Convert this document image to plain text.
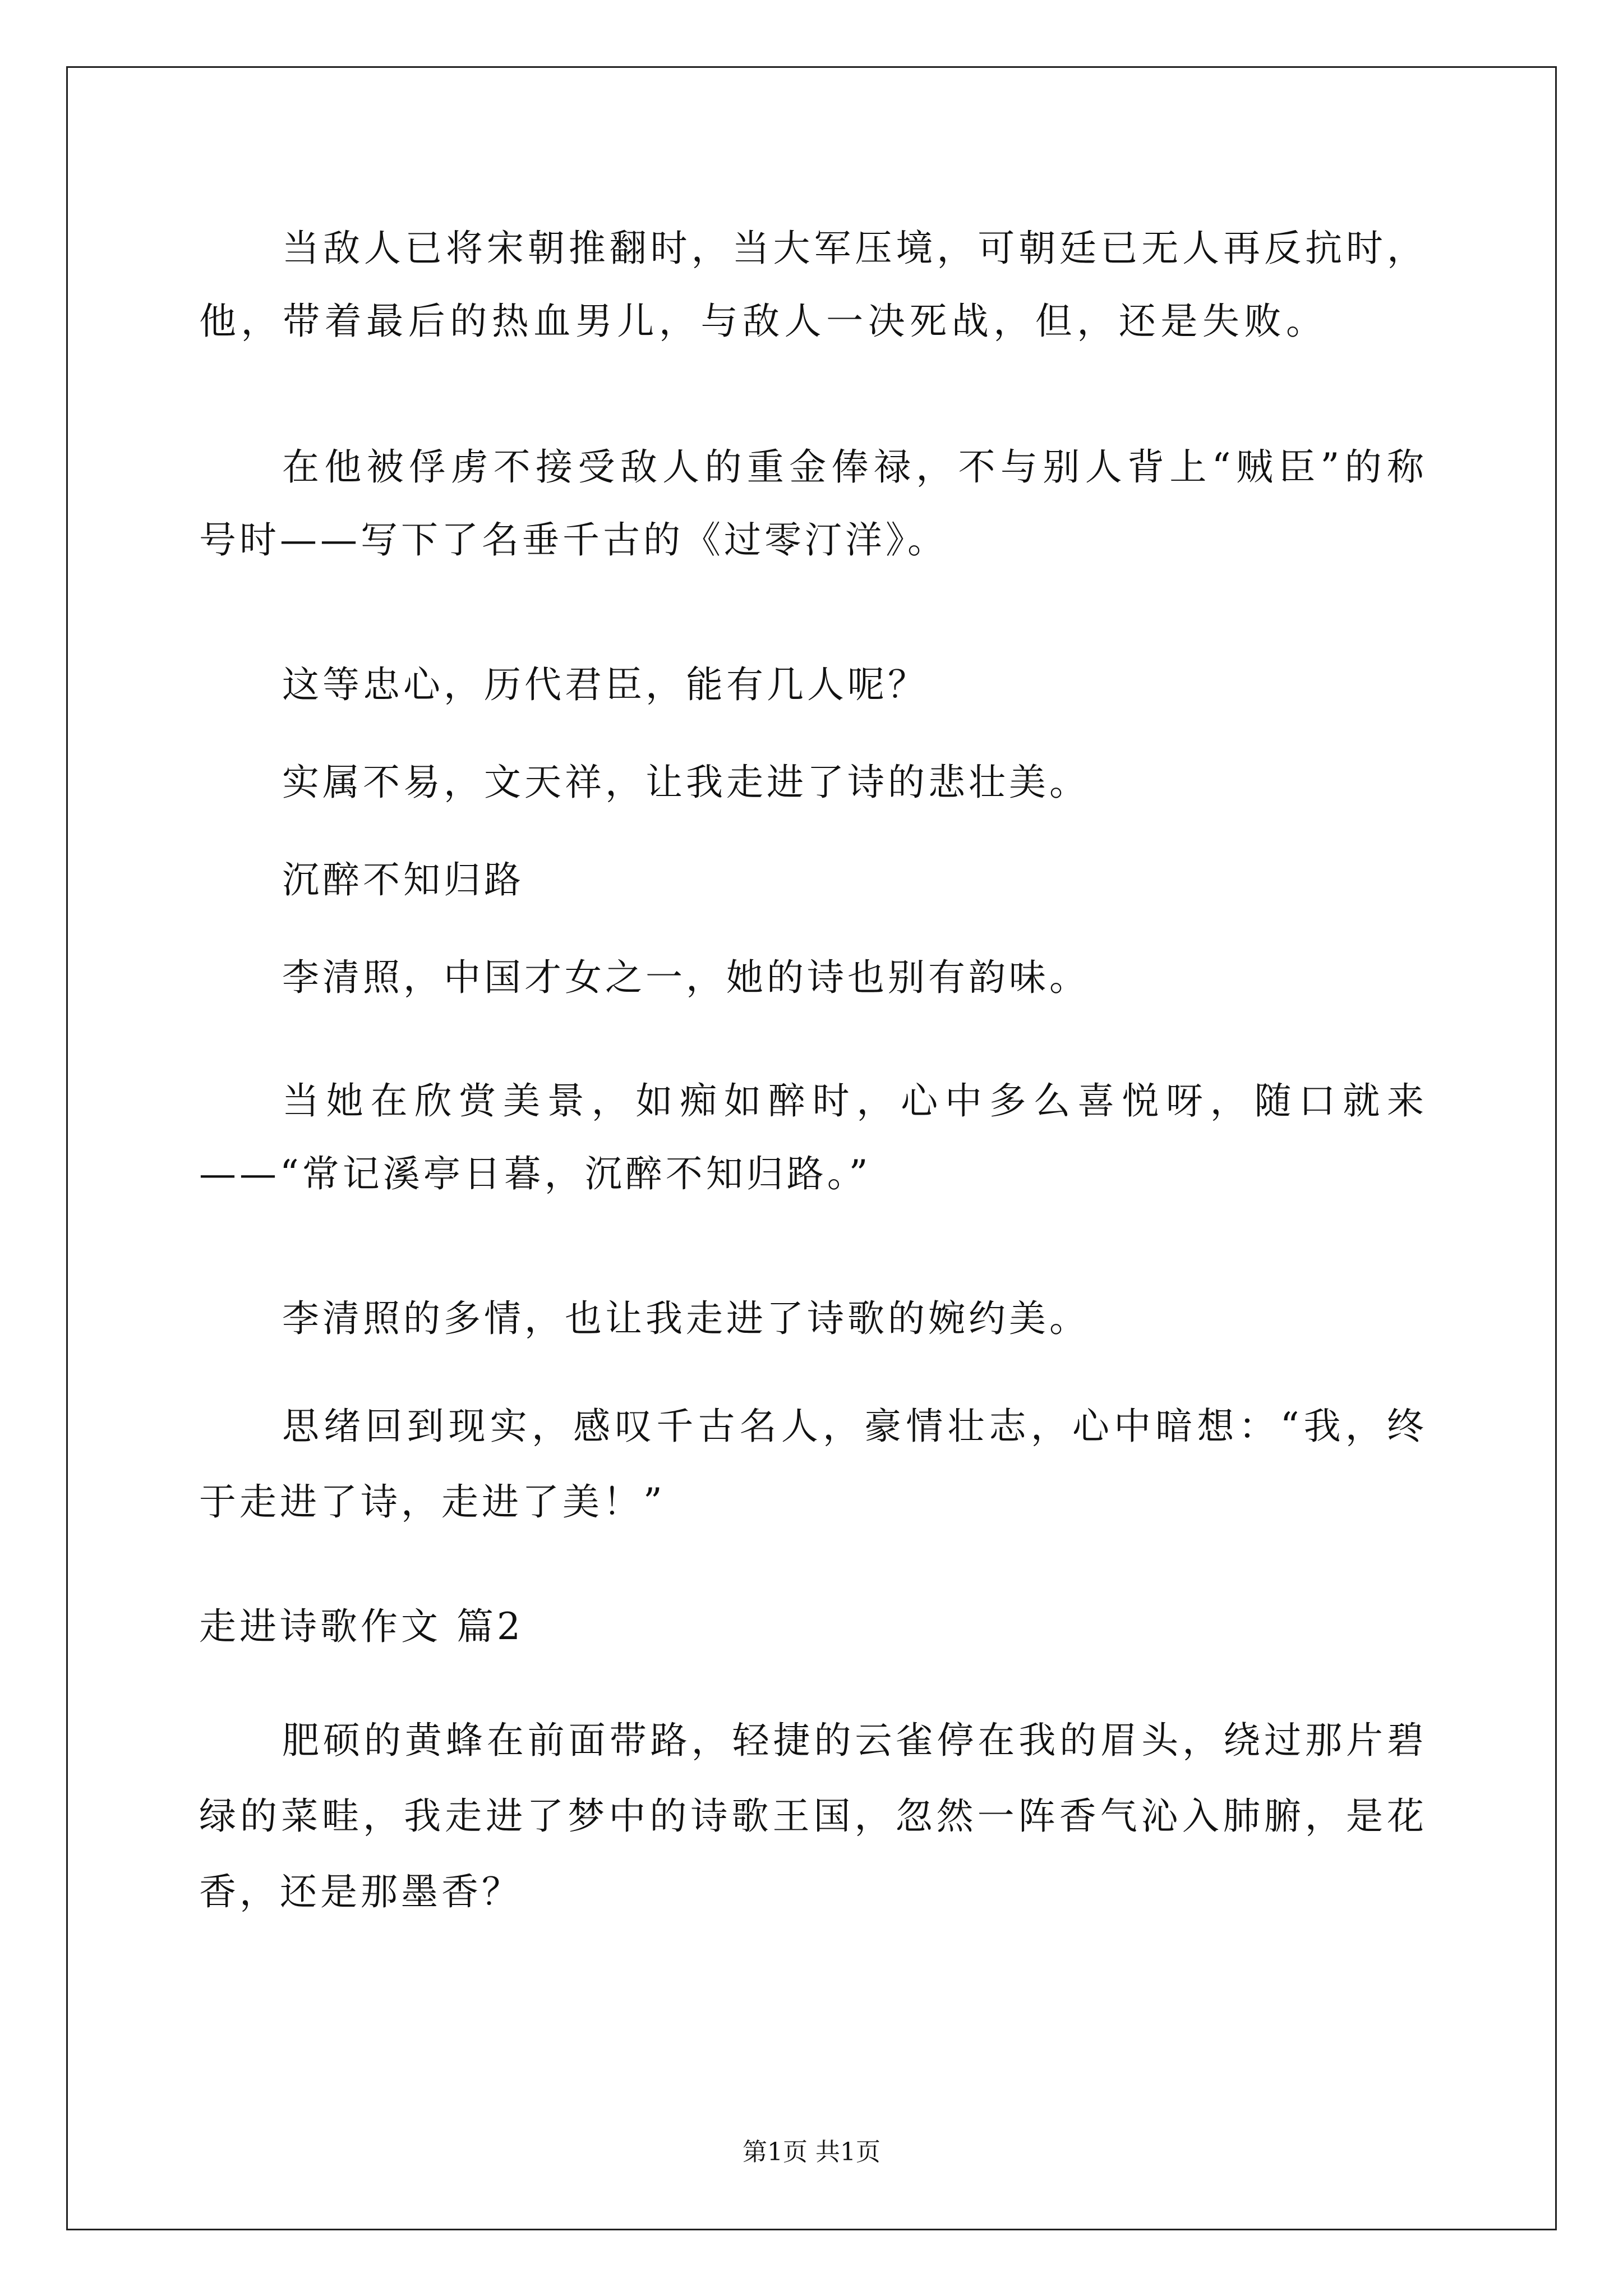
当敌人已将宋朝推翻时，当大军压境，可朝廷已无人再反抗时，
他，带着最后的热血男儿，与敌人一决死战，但，还是失败。
在他被俘虏不接受敌人的重金俸禄，不与别人背上“贼臣”的称
号时——写下了名垂千古的《过零汀洋》。
这等忠心，历代君臣，能有几人呢？
实属不易，文天祥，让我走进了诗的悲壮美。
沉醉不知归路
李清照，中国才女之一，她的诗也别有韵味。
当她在欣赏美景，如痴如醉时，心中多么喜悦呀，随口就来
——“常记溪亭日暮，沉醉不知归路。”
李清照的多情，也让我走进了诗歌的婉约美。
思绪回到现实，感叹千古名人，豪情壮志，心中暗想：“我，终
于走进了诗，走进了美！”
走进诗歌作文 篇2
肥硕的黄蜂在前面带路，轻捷的云雀停在我的眉头，绕过那片碧
绿的菜畦，我走进了梦中的诗歌王国，忽然一阵香气沁入肺腑，是花
香，还是那墨香？
第1页 共1页
